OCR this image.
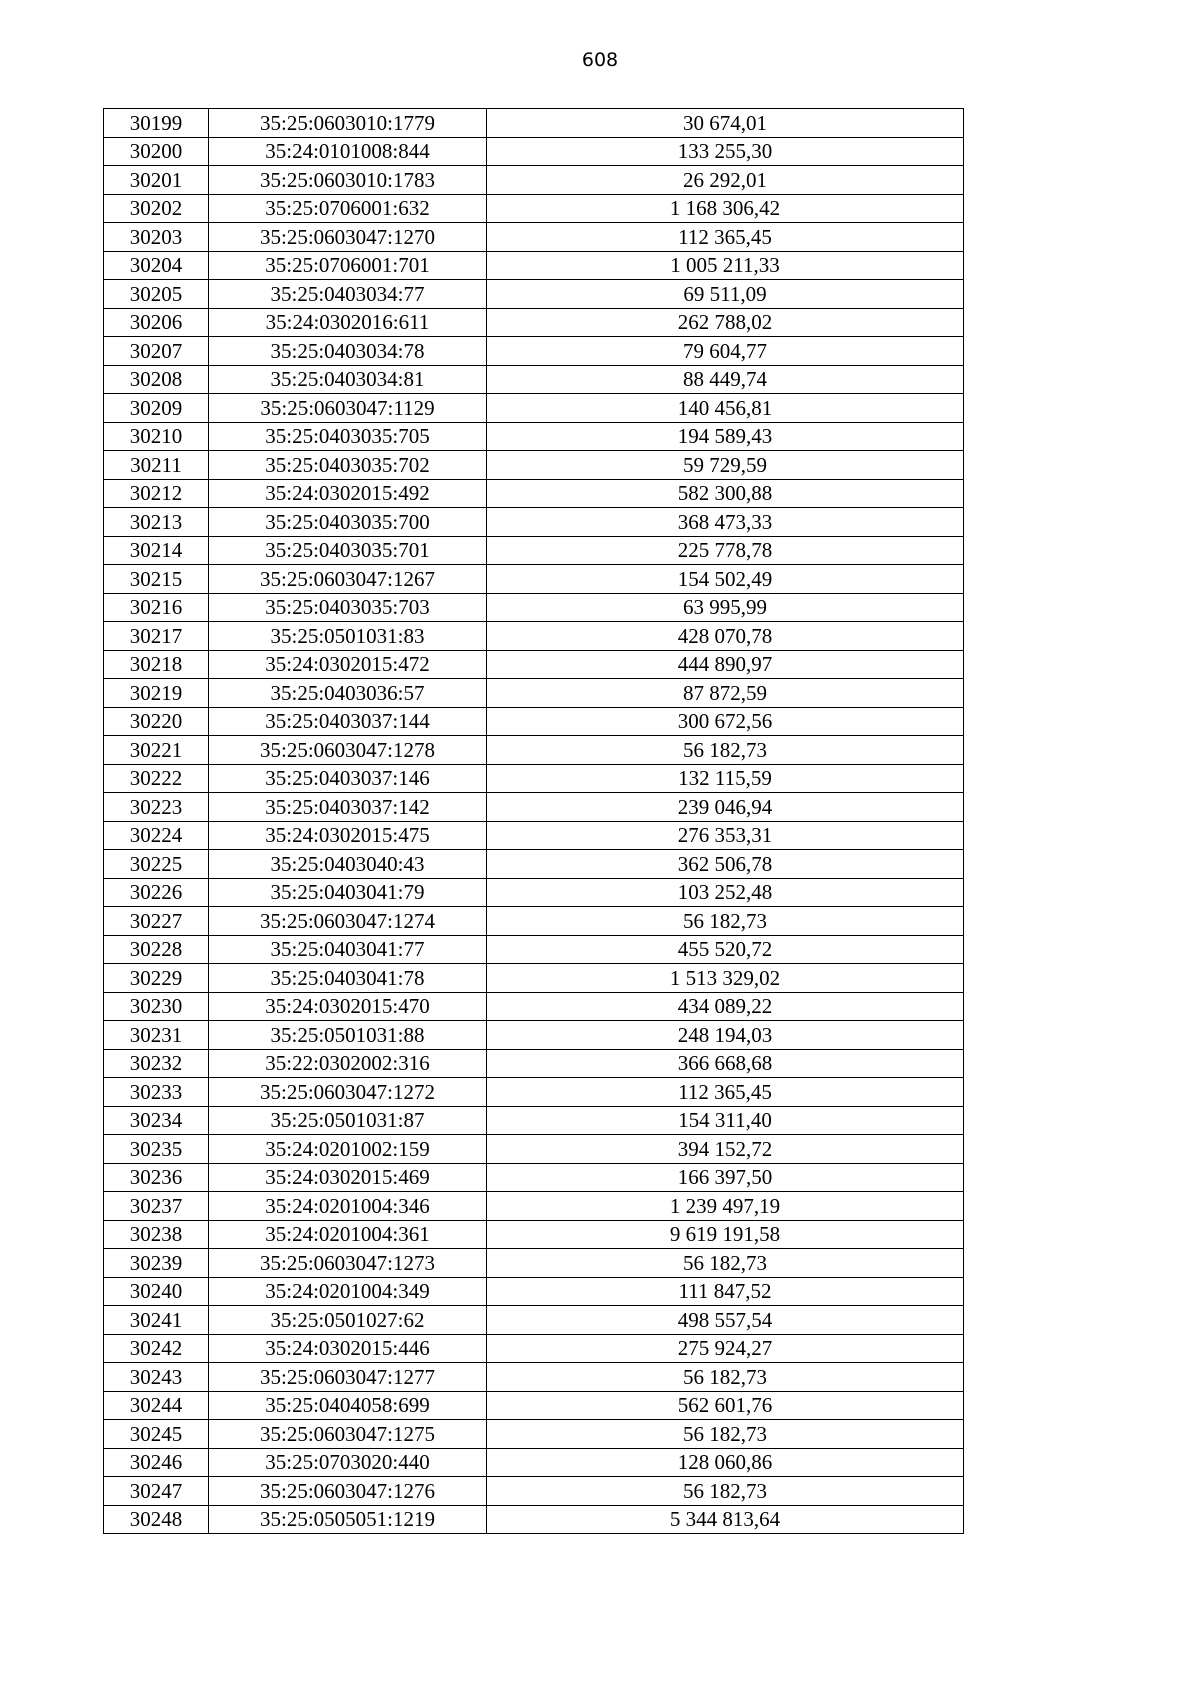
608
30199	35:25:0603010:1779	30 674,01
30200	35:24:0101008:844	133 255,30
30201	35:25:0603010:1783	26 292,01
30202	35:25:0706001:632	1 168 306,42
30203	35:25:0603047:1270	112 365,45
30204	35:25:0706001:701	1 005 211,33
30205	35:25:0403034:77	69 511,09
30206	35:24:0302016:611	262 788,02
30207	35:25:0403034:78	79 604,77
30208	35:25:0403034:81	88 449,74
30209	35:25:0603047:1129	140 456,81
30210	35:25:0403035:705	194 589,43
30211	35:25:0403035:702	59 729,59
30212	35:24:0302015:492	582 300,88
30213	35:25:0403035:700	368 473,33
30214	35:25:0403035:701	225 778,78
30215	35:25:0603047:1267	154 502,49
30216	35:25:0403035:703	63 995,99
30217	35:25:0501031:83	428 070,78
30218	35:24:0302015:472	444 890,97
30219	35:25:0403036:57	87 872,59
30220	35:25:0403037:144	300 672,56
30221	35:25:0603047:1278	56 182,73
30222	35:25:0403037:146	132 115,59
30223	35:25:0403037:142	239 046,94
30224	35:24:0302015:475	276 353,31
30225	35:25:0403040:43	362 506,78
30226	35:25:0403041:79	103 252,48
30227	35:25:0603047:1274	56 182,73
30228	35:25:0403041:77	455 520,72
30229	35:25:0403041:78	1 513 329,02
30230	35:24:0302015:470	434 089,22
30231	35:25:0501031:88	248 194,03
30232	35:22:0302002:316	366 668,68
30233	35:25:0603047:1272	112 365,45
30234	35:25:0501031:87	154 311,40
30235	35:24:0201002:159	394 152,72
30236	35:24:0302015:469	166 397,50
30237	35:24:0201004:346	1 239 497,19
30238	35:24:0201004:361	9 619 191,58
30239	35:25:0603047:1273	56 182,73
30240	35:24:0201004:349	111 847,52
30241	35:25:0501027:62	498 557,54
30242	35:24:0302015:446	275 924,27
30243	35:25:0603047:1277	56 182,73
30244	35:25:0404058:699	562 601,76
30245	35:25:0603047:1275	56 182,73
30246	35:25:0703020:440	128 060,86
30247	35:25:0603047:1276	56 182,73
30248	35:25:0505051:1219	5 344 813,64
